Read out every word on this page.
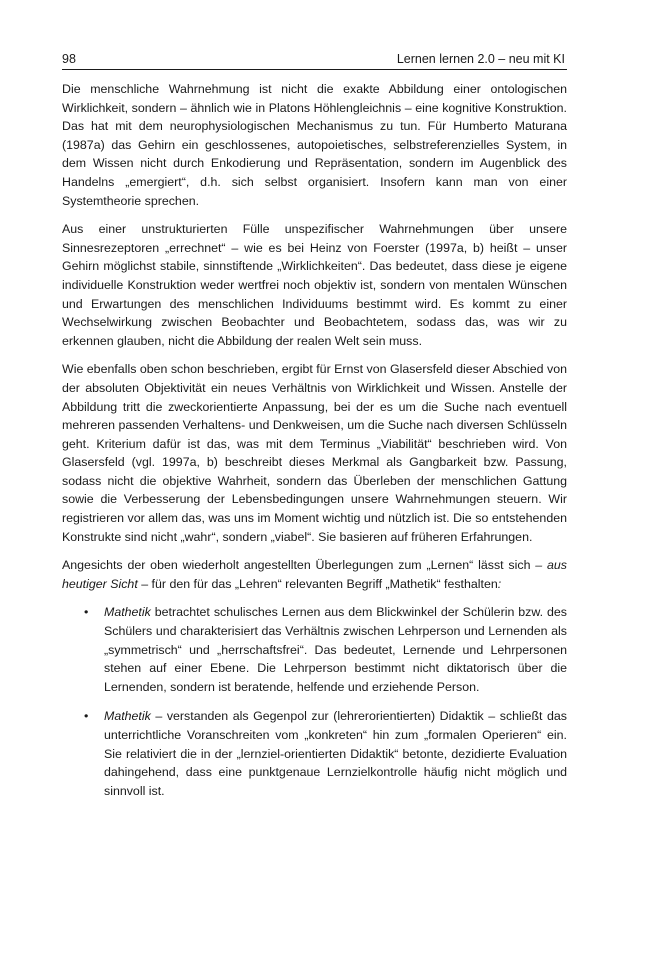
98	Lernen lernen 2.0 – neu mit KI

Die menschliche Wahrnehmung ist nicht die exakte Abbildung einer ontologischen Wirklichkeit, sondern – ähnlich wie in Platons Höhlengleichnis – eine kognitive Konstruktion. Das hat mit dem neurophysiologischen Mechanismus zu tun. Für Humberto Maturana (1987a) das Gehirn ein geschlossenes, autopoietisches, selbstreferenzielles System, in dem Wissen nicht durch Enkodierung und Repräsentation, sondern im Augenblick des Handelns „emergiert“, d.h. sich selbst organisiert. Insofern kann man von einer Systemtheorie sprechen.

Aus einer unstrukturierten Fülle unspezifischer Wahrnehmungen über unsere Sinnesrezeptoren „errechnet“ – wie es bei Heinz von Foerster (1997a, b) heißt – unser Gehirn möglichst stabile, sinnstiftende „Wirklichkeiten“. Das bedeutet, dass diese je eigene individuelle Konstruktion weder wertfrei noch objektiv ist, sondern von mentalen Wünschen und Erwartungen des menschlichen Individuums bestimmt wird. Es kommt zu einer Wechselwirkung zwischen Beobachter und Beobachtetem, sodass das, was wir zu erkennen glauben, nicht die Abbildung der realen Welt sein muss.

Wie ebenfalls oben schon beschrieben, ergibt für Ernst von Glasersfeld dieser Abschied von der absoluten Objektivität ein neues Verhältnis von Wirklichkeit und Wissen. Anstelle der Abbildung tritt die zweckorientierte Anpassung, bei der es um die Suche nach eventuell mehreren passenden Verhaltens- und Denkweisen, um die Suche nach diversen Schlüsseln geht. Kriterium dafür ist das, was mit dem Terminus „Viabilität“ beschrieben wird. Von Glasersfeld (vgl. 1997a, b) beschreibt dieses Merkmal als Gangbarkeit bzw. Passung, sodass nicht die objektive Wahrheit, sondern das Überleben der menschlichen Gattung sowie die Verbesserung der Lebensbedingungen unsere Wahrnehmungen steuern. Wir registrieren vor allem das, was uns im Moment wichtig und nützlich ist. Die so entstehenden Konstrukte sind nicht „wahr“, sondern „viabel“. Sie basieren auf früheren Erfahrungen.

Angesichts der oben wiederholt angestellten Überlegungen zum „Lernen“ lässt sich – aus heutiger Sicht – für den für das „Lehren“ relevanten Begriff „Mathetik“ festhalten:

• Mathetik betrachtet schulisches Lernen aus dem Blickwinkel der Schülerin bzw. des Schülers und charakterisiert das Verhältnis zwischen Lehrperson und Lernenden als „symmetrisch“ und „herrschaftsfrei“. Das bedeutet, Lernende und Lehrpersonen stehen auf einer Ebene. Die Lehrperson bestimmt nicht diktatorisch über die Lernenden, sondern ist beratende, helfende und erziehende Person.
• Mathetik – verstanden als Gegenpol zur (lehrerorientierten) Didaktik – schließt das unterrichtliche Voranschreiten vom „konkreten“ hin zum „formalen Operieren“ ein. Sie relativiert die in der „lernziel-orientierten Didaktik“ betonte, dezidierte Evaluation dahingehend, dass eine punktgenaue Lernzielkontrolle häufig nicht möglich und sinnvoll ist.
